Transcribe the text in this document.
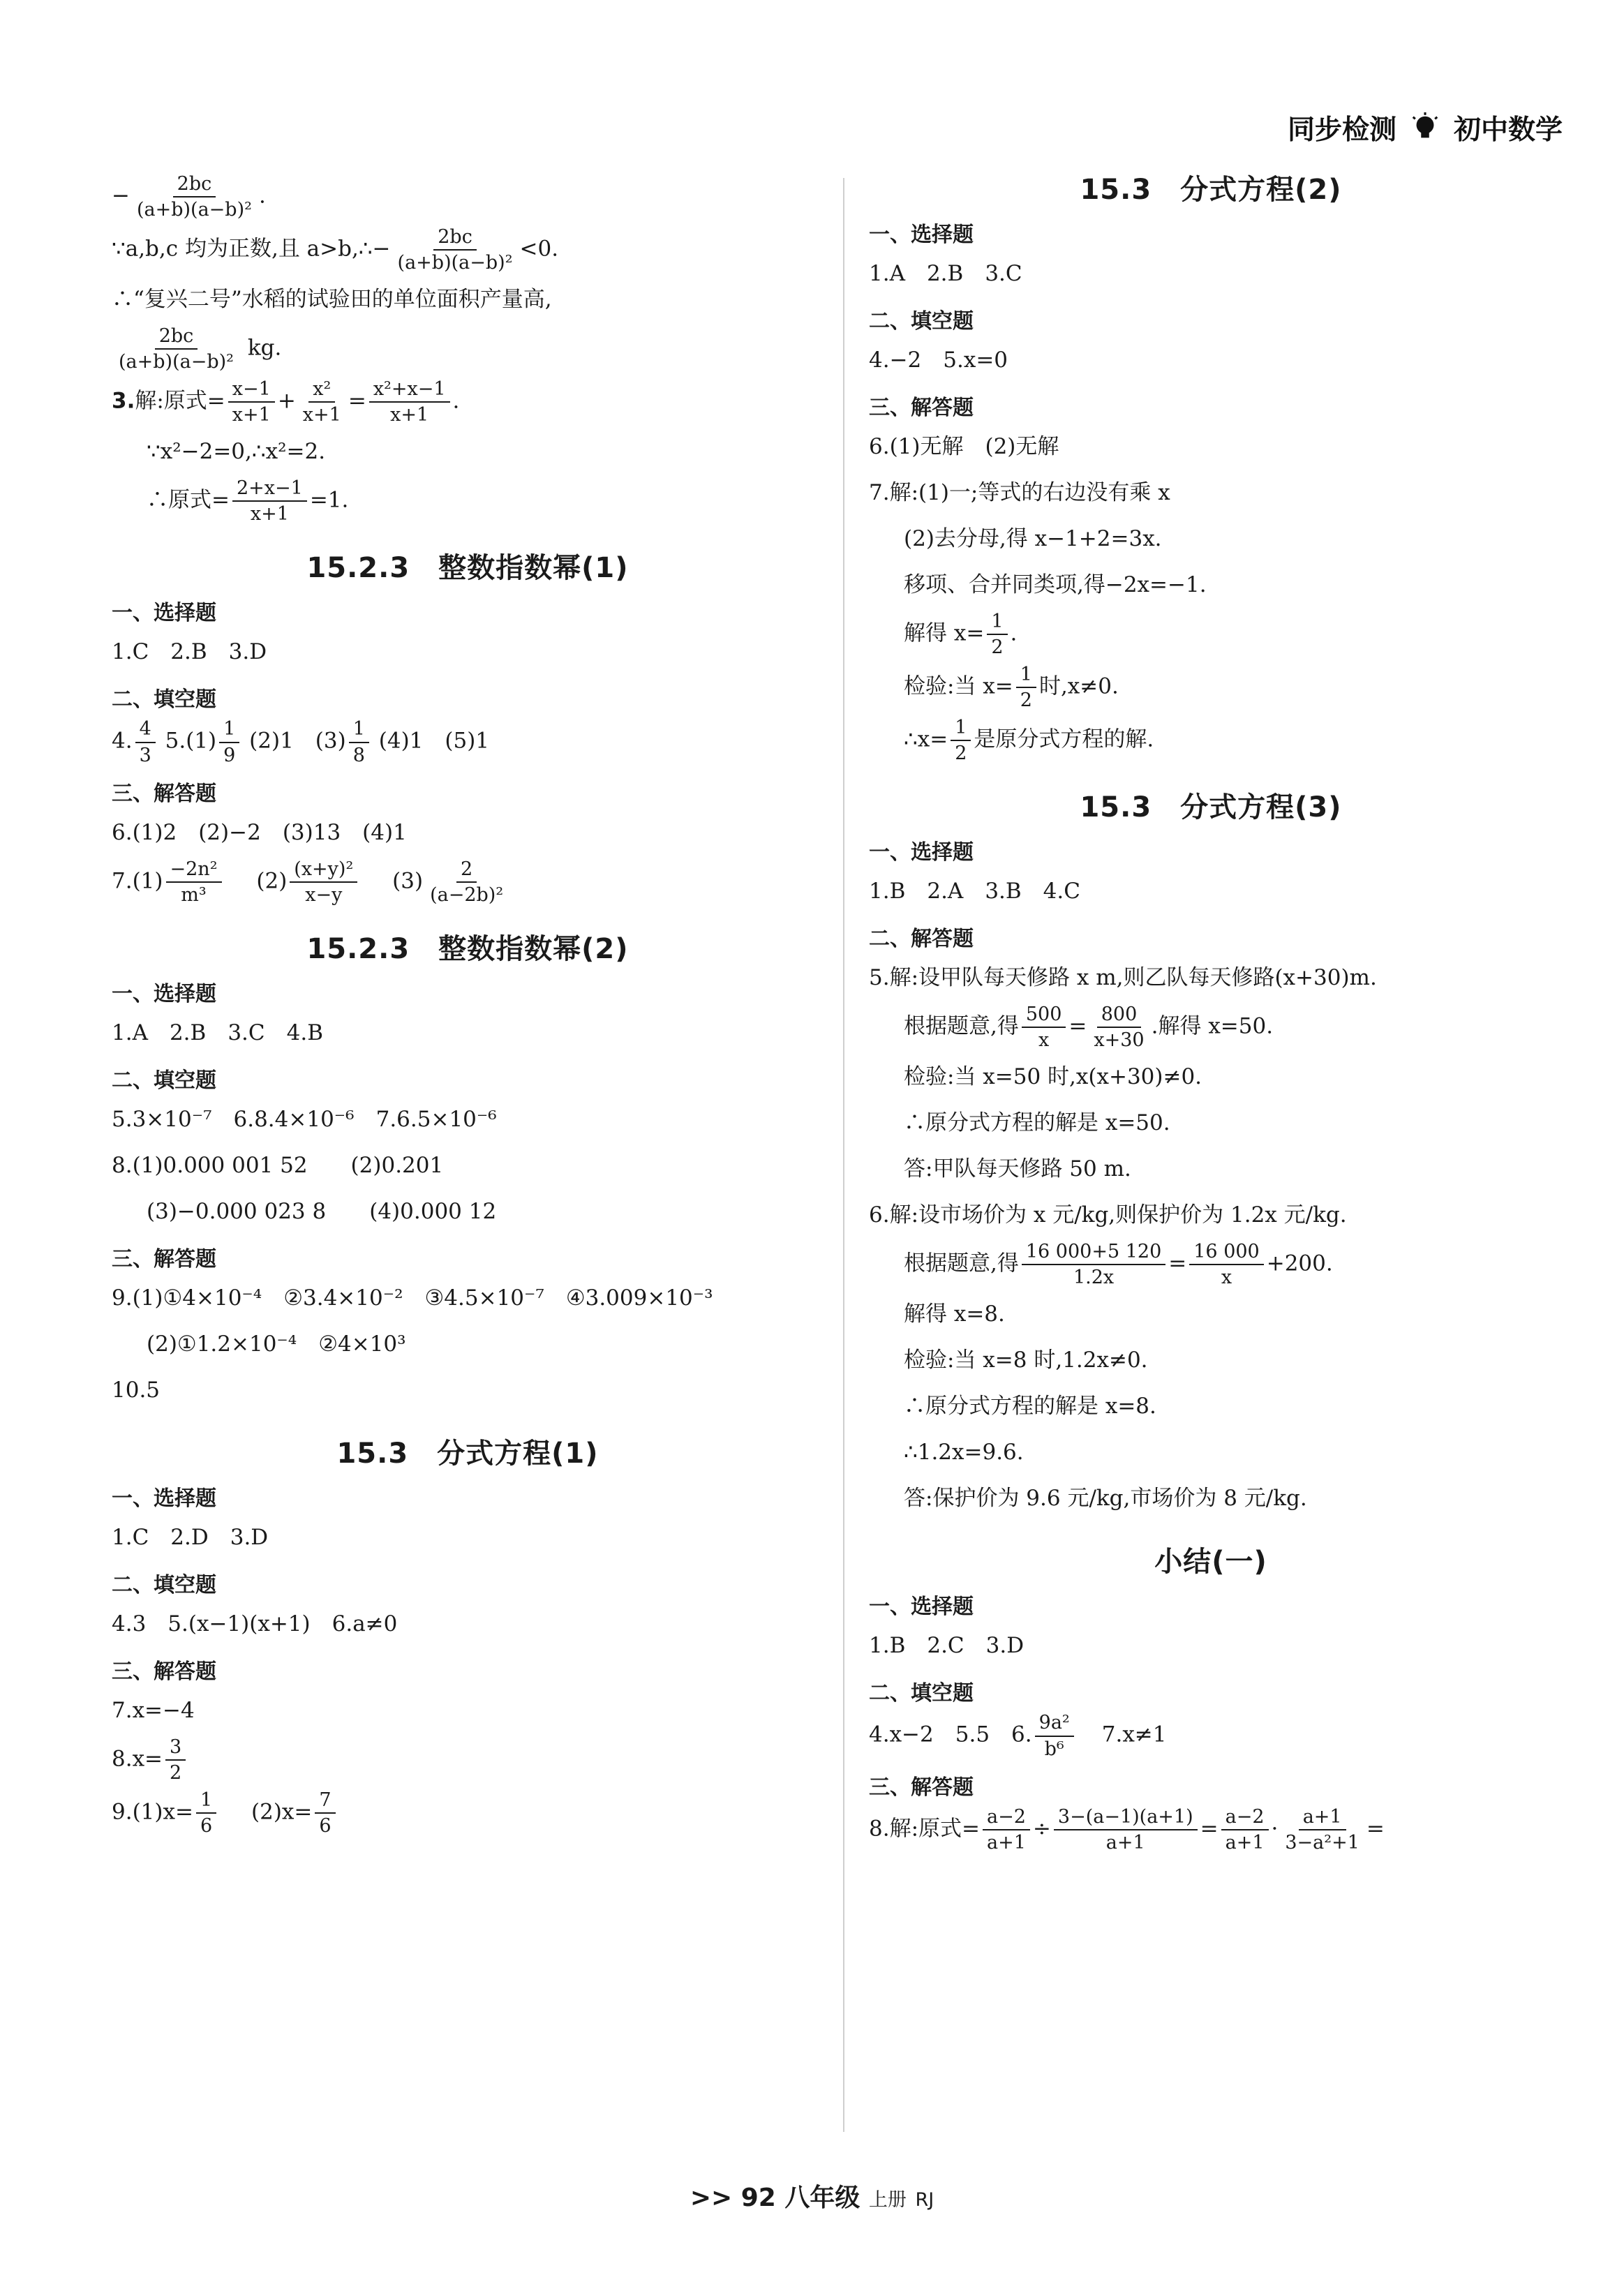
同步检测 初中数学
− $\frac{2bc}{\text{(a+b)(a−b)²}}$ .
∵a,b,c 均为正数,且 a>b,∴− $\frac{2bc}{\text{(a+b)(a−b)²}} <0$.
∴“复兴二号”水稻的试验田的单位面积产量高,
$\frac{2bc}{\text{(a+b)(a−b)²}}$ kg.
3.解:原式= $\frac{x-1}{x+1} + \frac{\text{x²}}{x+1} = \frac{\text{x²+x−1}}{x+1}$ .
∵x²−2=0,∴x²=2.
∴原式= $\frac{2+x-1}{x+1} =1$.
15.2.3　整数指数幂(1)
一、选择题
1.C　2.B　3.D
二、填空题
4. $\frac{4}{3} 5.(1) \frac{1}{9} (2)1$　$(3) \frac{1}{8} (4)1$　(5)1
三、解答题
6.(1)2　(2)−2　(3)13　(4)1
$7.(1) \frac{\text{−2n²}}{\text{m³}} (2) \frac{\text{(x+y)²}}{x-y} (3) \frac{2}{\text{(a−2b)²}}$
15.2.3　整数指数幂(2)
一、选择题
1.A　2.B　3.C　4.B
二、填空题
5.3×10⁻⁷　6.8.4×10⁻⁶　7.6.5×10⁻⁶
8.(1)0.000 001 52　　(2)0.201
(3)−0.000 023 8　　(4)0.000 12
三、解答题
9.(1)①4×10⁻⁴　②3.4×10⁻²　③4.5×10⁻⁷　④3.009×10⁻³
(2)①1.2×10⁻⁴　②4×10³
10.5
15.3　分式方程(1)
一、选择题
1.C　2.D　3.D
二、填空题
4.3　5.(x−1)(x+1)　6.a≠0
三、解答题
7.x=−4
$8.x= \frac{3}{2}$
$9.(1)x= \frac{1}{6} (2)x= \frac{7}{6}$
15.3　分式方程(2)
一、选择题
1.A　2.B　3.C
二、填空题
4.−2　5.x=0
三、解答题
6.(1)无解　(2)无解
7.解:(1)一;等式的右边没有乘 x
(2)去分母,得 x−1+2=3x.
移项、合并同类项,得−2x=−1.
解得 $x= \frac{1}{2}$ .
检验:当 $x= \frac{1}{2}$ 时,x≠0.
∴x= $\frac{1}{2}$ 是原分式方程的解.
15.3　分式方程(3)
一、选择题
1.B　2.A　3.B　4.C
二、解答题
5.解:设甲队每天修路 x m,则乙队每天修路(x+30)m.
根据题意,得 $\frac{500}{x} = \frac{800}{x+30}$ .解得 x=50.
检验:当 x=50 时,x(x+30)≠0.
∴原分式方程的解是 x=50.
答:甲队每天修路 50 m.
6.解:设市场价为 x 元/kg,则保护价为 1.2x 元/kg.
根据题意,得 $\frac{16 000+5 120}{1.2x} = \frac{16 000}{x} +200$.
解得 x=8.
检验:当 x=8 时,1.2x≠0.
∴原分式方程的解是 x=8.
∴1.2x=9.6.
答:保护价为 9.6 元/kg,市场价为 8 元/kg.
小结(一)
一、选择题
1.B　2.C　3.D
二、填空题
4.x−2　5.5　6. $\frac{\text{9a²}}{\text{b⁶}} 7.x\ne 1$
三、解答题
8.解:原式= $\frac{a-2}{a+1} \div \frac{3-(a-1)(a+1)}{a+1} = \frac{a-2}{a+1} \cdot \frac{a+1}{\text{3−a²+1}}$ =
>> 92 八年级 上册 RJ
